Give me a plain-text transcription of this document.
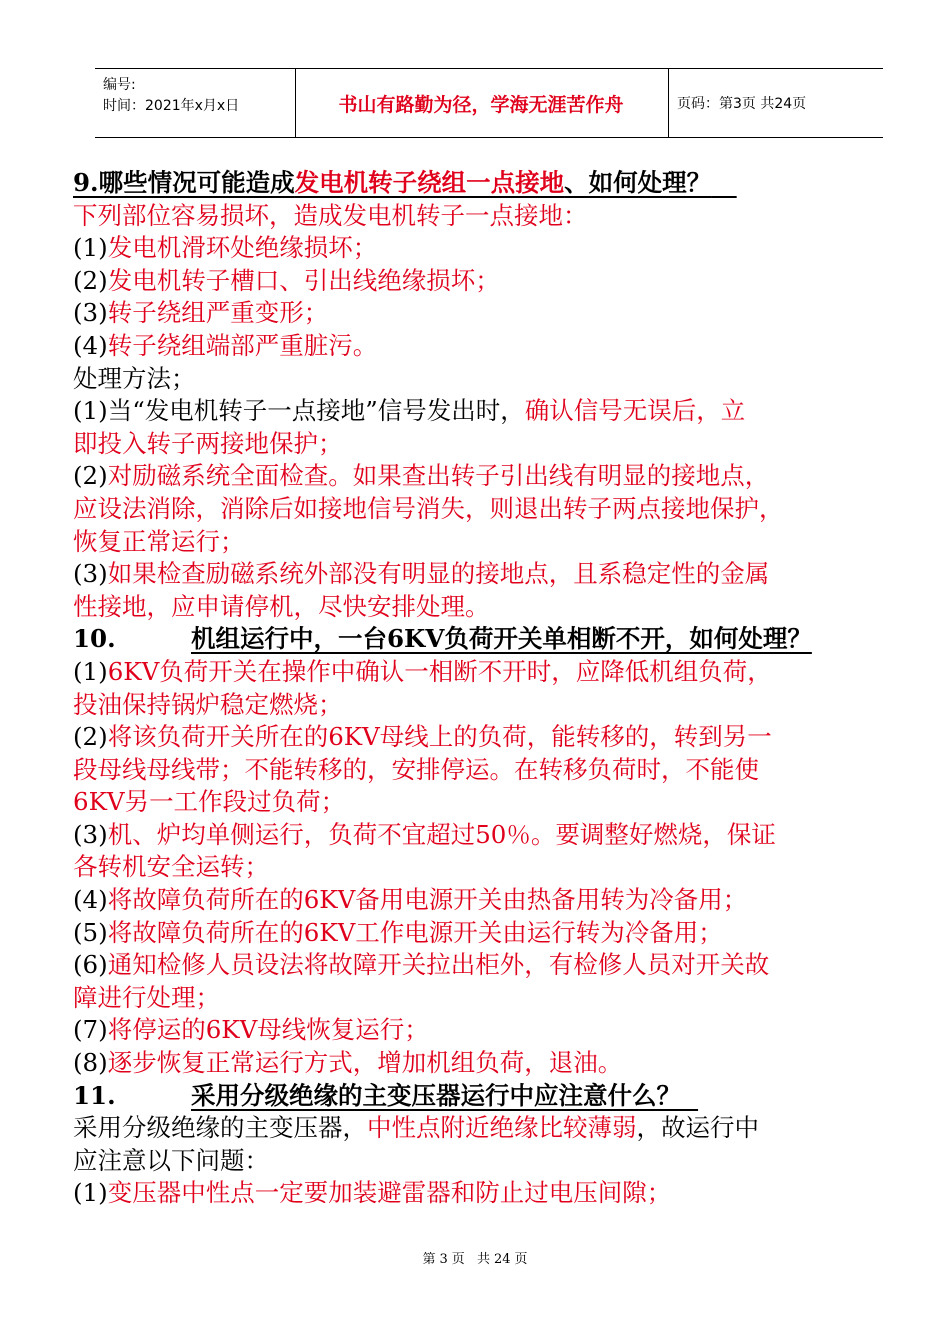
编号:
时间：2021年x月x日	书山有路勤为径，学海无涯苦作舟	页码：第3页 共24页
9.哪些情况可能造成发电机转子绕组一点接地、如何处理？
下列部位容易损坏，造成发电机转子一点接地：
(1)发电机滑环处绝缘损坏；
(2)发电机转子槽口、引出线绝缘损坏；
(3)转子绕组严重变形；
(4)转子绕组端部严重脏污。
处理方法；
(1)当“发电机转子一点接地”信号发出时，确认信号无误后，立
即投入转子两接地保护；
(2)对励磁系统全面检查。如果查出转子引出线有明显的接地点，
应设法消除，消除后如接地信号消失，则退出转子两点接地保护，
恢复正常运行；
(3)如果检查励磁系统外部没有明显的接地点，且系稳定性的金属
性接地，应申请停机，尽快安排处理。
10.	机组运行中，一台6KV负荷开关单相断不开，如何处理？
(1)6KV负荷开关在操作中确认一相断不开时，应降低机组负荷，
投油保持锅炉稳定燃烧；
(2)将该负荷开关所在的6KV母线上的负荷，能转移的，转到另一
段母线母线带；不能转移的，安排停运。在转移负荷时，不能使
6KV另一工作段过负荷；
(3)机、炉均单侧运行，负荷不宜超过50％。要调整好燃烧，保证
各转机安全运转；
(4)将故障负荷所在的6KV备用电源开关由热备用转为冷备用；
(5)将故障负荷所在的6KV工作电源开关由运行转为冷备用；
(6)通知检修人员设法将故障开关拉出柜外，有检修人员对开关故
障进行处理；
(7)将停运的6KV母线恢复运行；
(8)逐步恢复正常运行方式，增加机组负荷，退油。
11.	采用分级绝缘的主变压器运行中应注意什么？
采用分级绝缘的主变压器，中性点附近绝缘比较薄弱，故运行中
应注意以下问题：
(1)变压器中性点一定要加装避雷器和防止过电压间隙；
第 3 页 共 24 页
